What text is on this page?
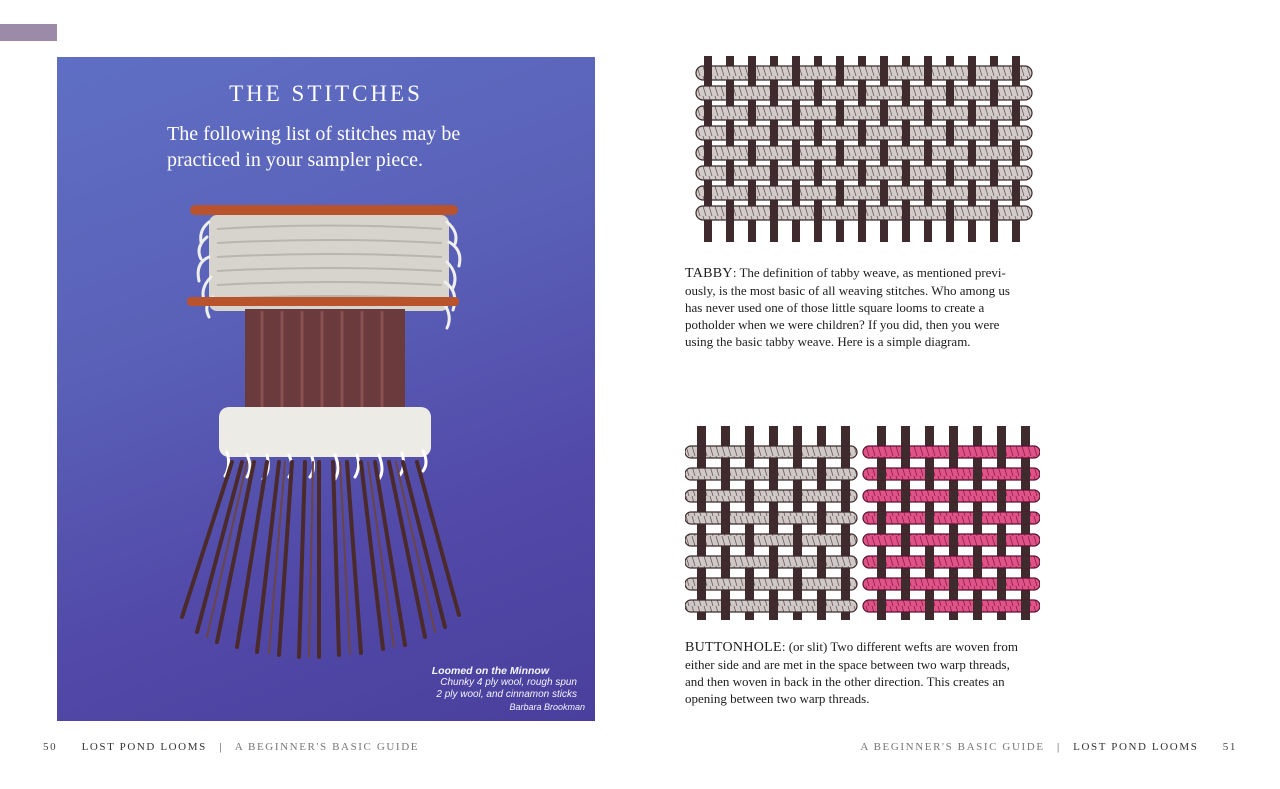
THE STITCHES
The following list of stitches may be practiced in your sampler piece.
Loomed on the Minnow
Chunky 4 ply wool, rough spun
2 ply wool, and cinnamon sticks
Barbara Brookman
TABBY: The definition of tabby weave, as mentioned previously, is the most basic of all weaving stitches. Who among us has never used one of those little square looms to create a potholder when we were children? If you did, then you were using the basic tabby weave. Here is a simple diagram.
BUTTONHOLE: (or slit) Two different wefts are woven from either side and are met in the space between two warp threads, and then woven in back in the other direction. This creates an opening between two warp threads.
50 LOST POND LOOMS | A BEGINNER'S BASIC GUIDE	A BEGINNER'S BASIC GUIDE | LOST POND LOOMS 51
